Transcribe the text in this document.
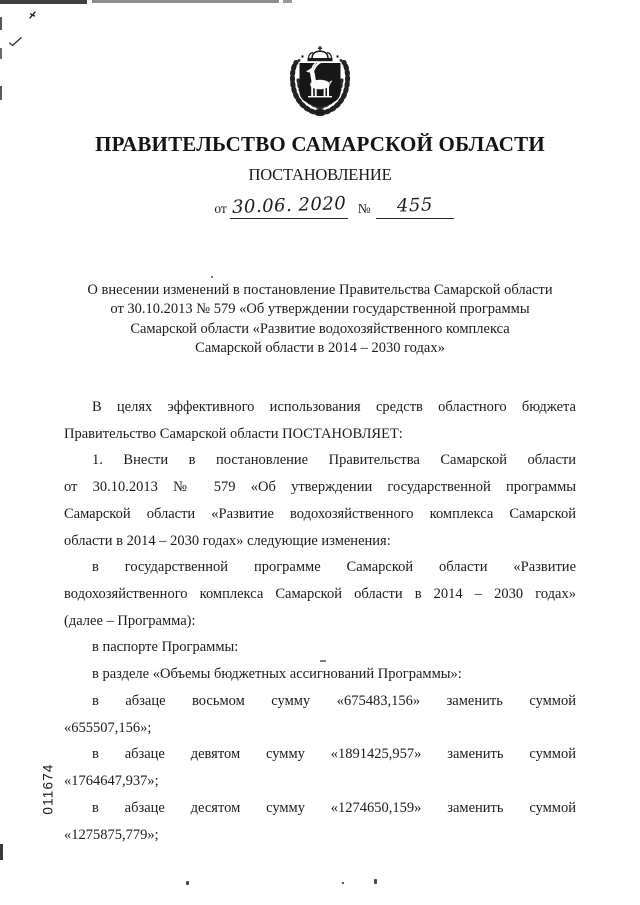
ПРАВИТЕЛЬСТВО САМАРСКОЙ ОБЛАСТИ
ПОСТАНОВЛЕНИЕ
от 30.06. 2020 №	455
О внесении изменений в постановление Правительства Самарской области
от 30.10.2013 № 579 «Об утверждении государственной программы
Самарской области «Развитие водохозяйственного комплекса
Самарской области в 2014 – 2030 годах»
В целях эффективного использования средств областного бюджета
Правительство Самарской области ПОСТАНОВЛЯЕТ:
1. Внести в постановление Правительства Самарской области
от 30.10.2013 № 579 «Об утверждении государственной программы
Самарской области «Развитие водохозяйственного комплекса Самарской
области в 2014 – 2030 годах» следующие изменения:
в государственной программе Самарской области «Развитие
водохозяйственного комплекса Самарской области в 2014 – 2030 годах»
(далее – Программа):
в паспорте Программы:
в разделе «Объемы бюджетных ассигнований Программы»:
в абзаце восьмом сумму «675483,156» заменить суммой
«655507,156»;
в абзаце девятом сумму «1891425,957» заменить суммой
«1764647,937»;
в абзаце десятом сумму «1274650,159» заменить суммой
«1275875,779»;
011674
